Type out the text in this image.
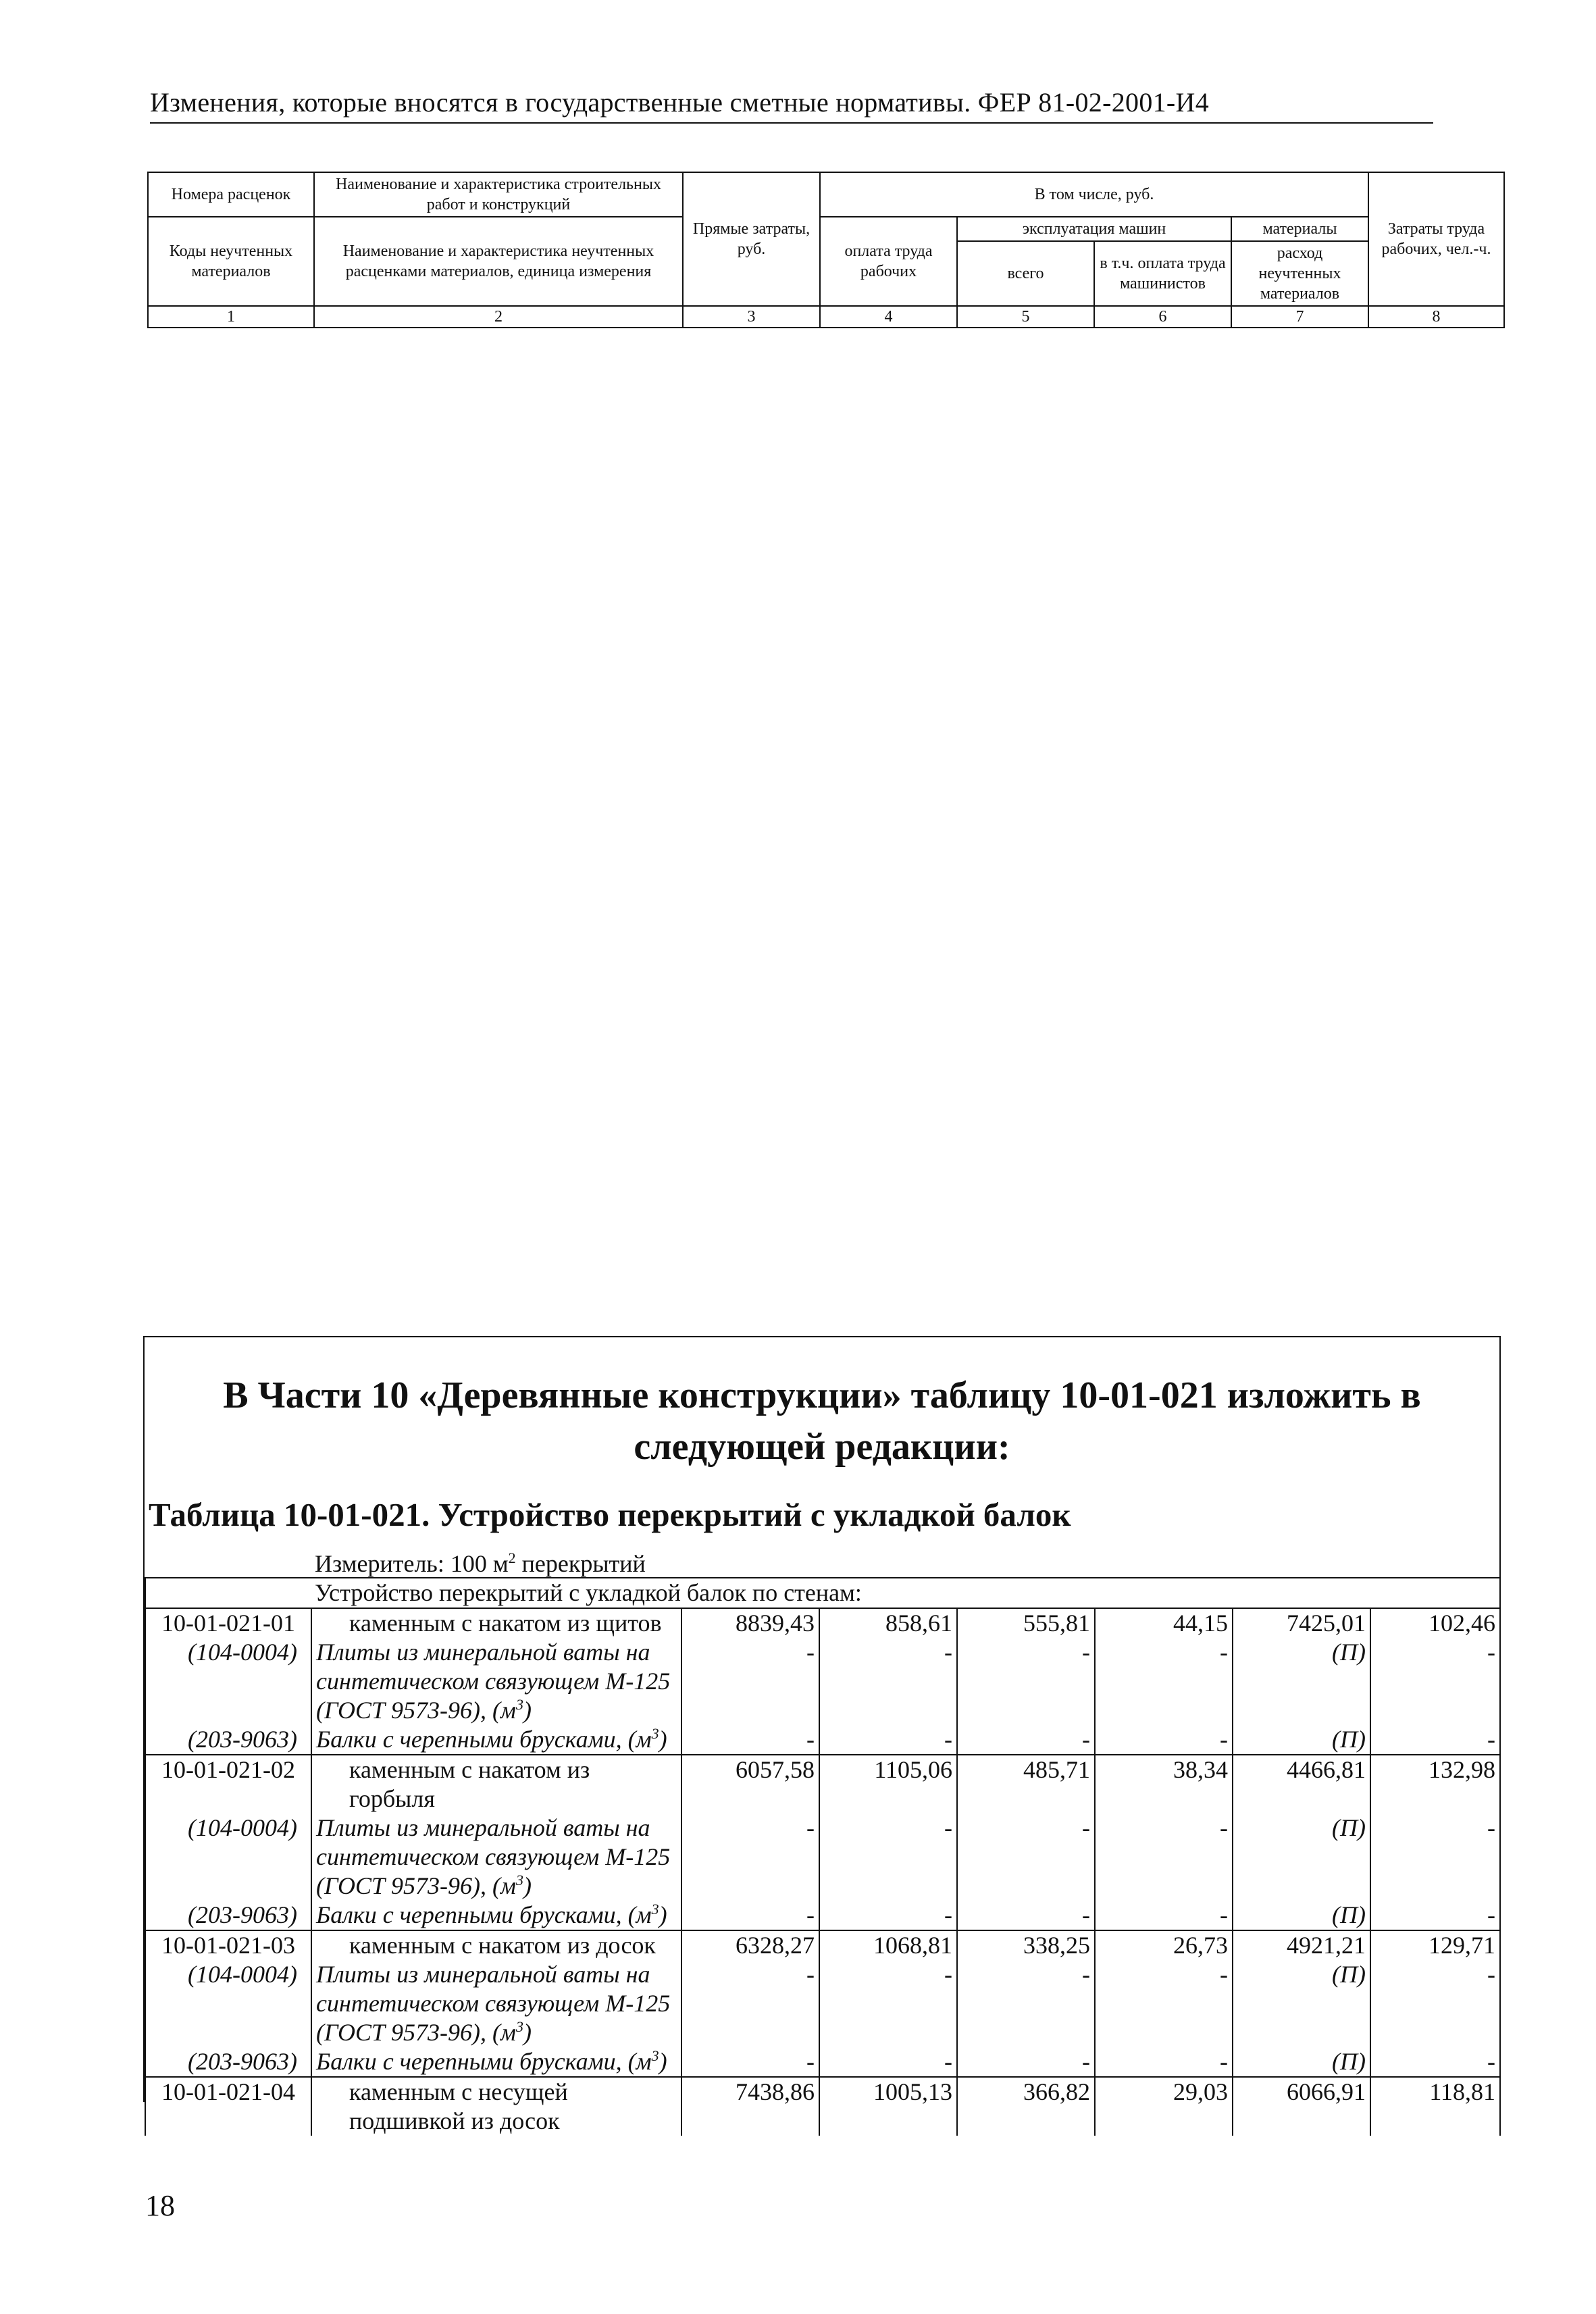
Изменения, которые вносятся в государственные сметные нормативы. ФЕР 81-02-2001-И4
Номера расценок	Наименование и характеристика строительных работ и конструкций	Прямые затраты, руб.	В том числе, руб.				Затраты труда рабочих, чел.-ч.
Коды неучтенных материалов	Наименование и характеристика неучтенных расценками материалов, единица измерения		оплата труда рабочих	эксплуатация машин		материалы	
				всего	в т.ч. оплата труда машинистов	расход неучтенных материалов	
1	2	3	4	5	6	7	8
В Части 10 «Деревянные конструкции» таблицу 10-01-021 изложить в следующей редакции:
Таблица 10-01-021. Устройство перекрытий с укладкой балок
Измеритель: 100 $м^2$ перекрытий
Устройство перекрытий с укладкой балок по стенам:							
10-01-021-01	каменным с накатом из щитов	8839,43	858,61	555,81	44,15	7425,01	102,46
(104-0004)	Плиты из минеральной ваты на синтетическом связующем М-125 (ГОСТ 9573-96), $(м^3)$	-	-	-	-	(П)	-
(203-9063)	Балки с черепными брусками, $(м^3)$	-	-	-	-	(П)	-
10-01-021-02	каменным с накатом из горбыля	6057,58	1105,06	485,71	38,34	4466,81	132,98
(104-0004)	Плиты из минеральной ваты на синтетическом связующем М-125 (ГОСТ 9573-96), $(м^3)$	-	-	-	-	(П)	-
(203-9063)	Балки с черепными брусками, $(м^3)$	-	-	-	-	(П)	-
10-01-021-03	каменным с накатом из досок	6328,27	1068,81	338,25	26,73	4921,21	129,71
(104-0004)	Плиты из минеральной ваты на синтетическом связующем М-125 (ГОСТ 9573-96), $(м^3)$	-	-	-	-	(П)	-
(203-9063)	Балки с черепными брусками, $(м^3)$	-	-	-	-	(П)	-
10-01-021-04	каменным с несущей подшивкой из досок	7438,86	1005,13	366,82	29,03	6066,91	118,81
18
